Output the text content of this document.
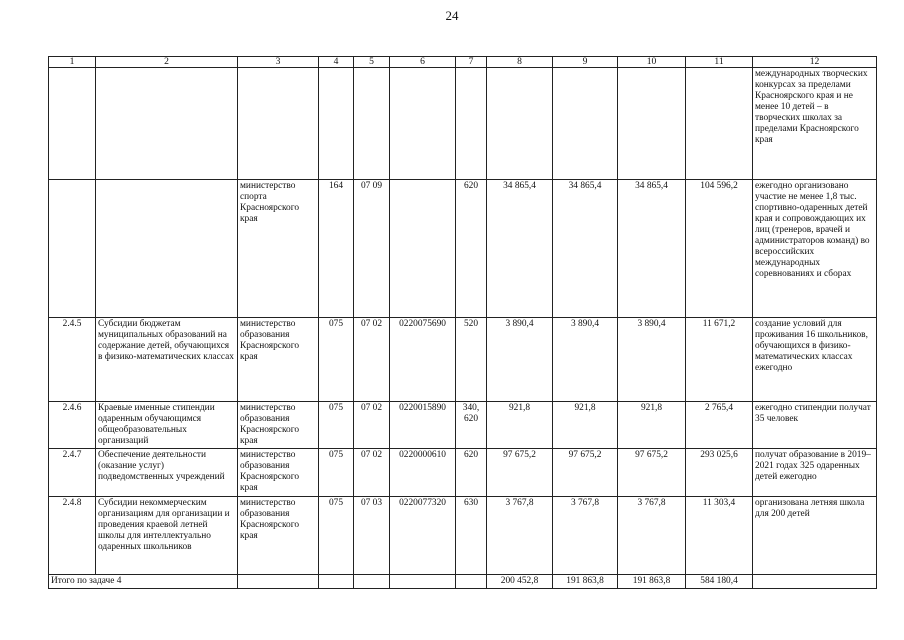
24
1	2	3	4	5	6	7	8	9	10	11	12
											международных творческих конкурсах за пределами Красноярского края и не менее 10 детей – в творческих школах за пределами Красноярского края
		министерство спорта Красноярского края	164	07 09		620	34 865,4	34 865,4	34 865,4	104 596,2	ежегодно организовано участие не менее 1,8 тыс. спортивно-одаренных детей края и сопровождающих их лиц (тренеров, врачей и администраторов команд) во всероссийских международных соревнованиях и сборах
2.4.5	Субсидии бюджетам муниципальных образований на содержание детей, обучающихся в физико-математических классах	министерство образования Красноярского края	075	07 02	0220075690	520	3 890,4	3 890,4	3 890,4	11 671,2	создание условий для проживания 16 школьников, обучающихся в физико-математических классах ежегодно
2.4.6	Краевые именные стипендии одаренным обучающимся общеобразовательных организаций	министерство образования Красноярского края	075	07 02	0220015890	340, 620	921,8	921,8	921,8	2 765,4	ежегодно стипендии получат 35 человек
2.4.7	Обеспечение деятельности (оказание услуг) подведомственных учреждений	министерство образования Красноярского края	075	07 02	0220000610	620	97 675,2	97 675,2	97 675,2	293 025,6	получат образование в 2019–2021 годах 325 одаренных детей ежегодно
2.4.8	Субсидии некоммерческим организациям для организации и проведения краевой летней школы для интеллектуально одаренных школьников	министерство образования Красноярского края	075	07 03	0220077320	630	3 767,8	3 767,8	3 767,8	11 303,4	организована летняя школа для 200 детей
Итого по задаче 4							200 452,8	191 863,8	191 863,8	584 180,4	
